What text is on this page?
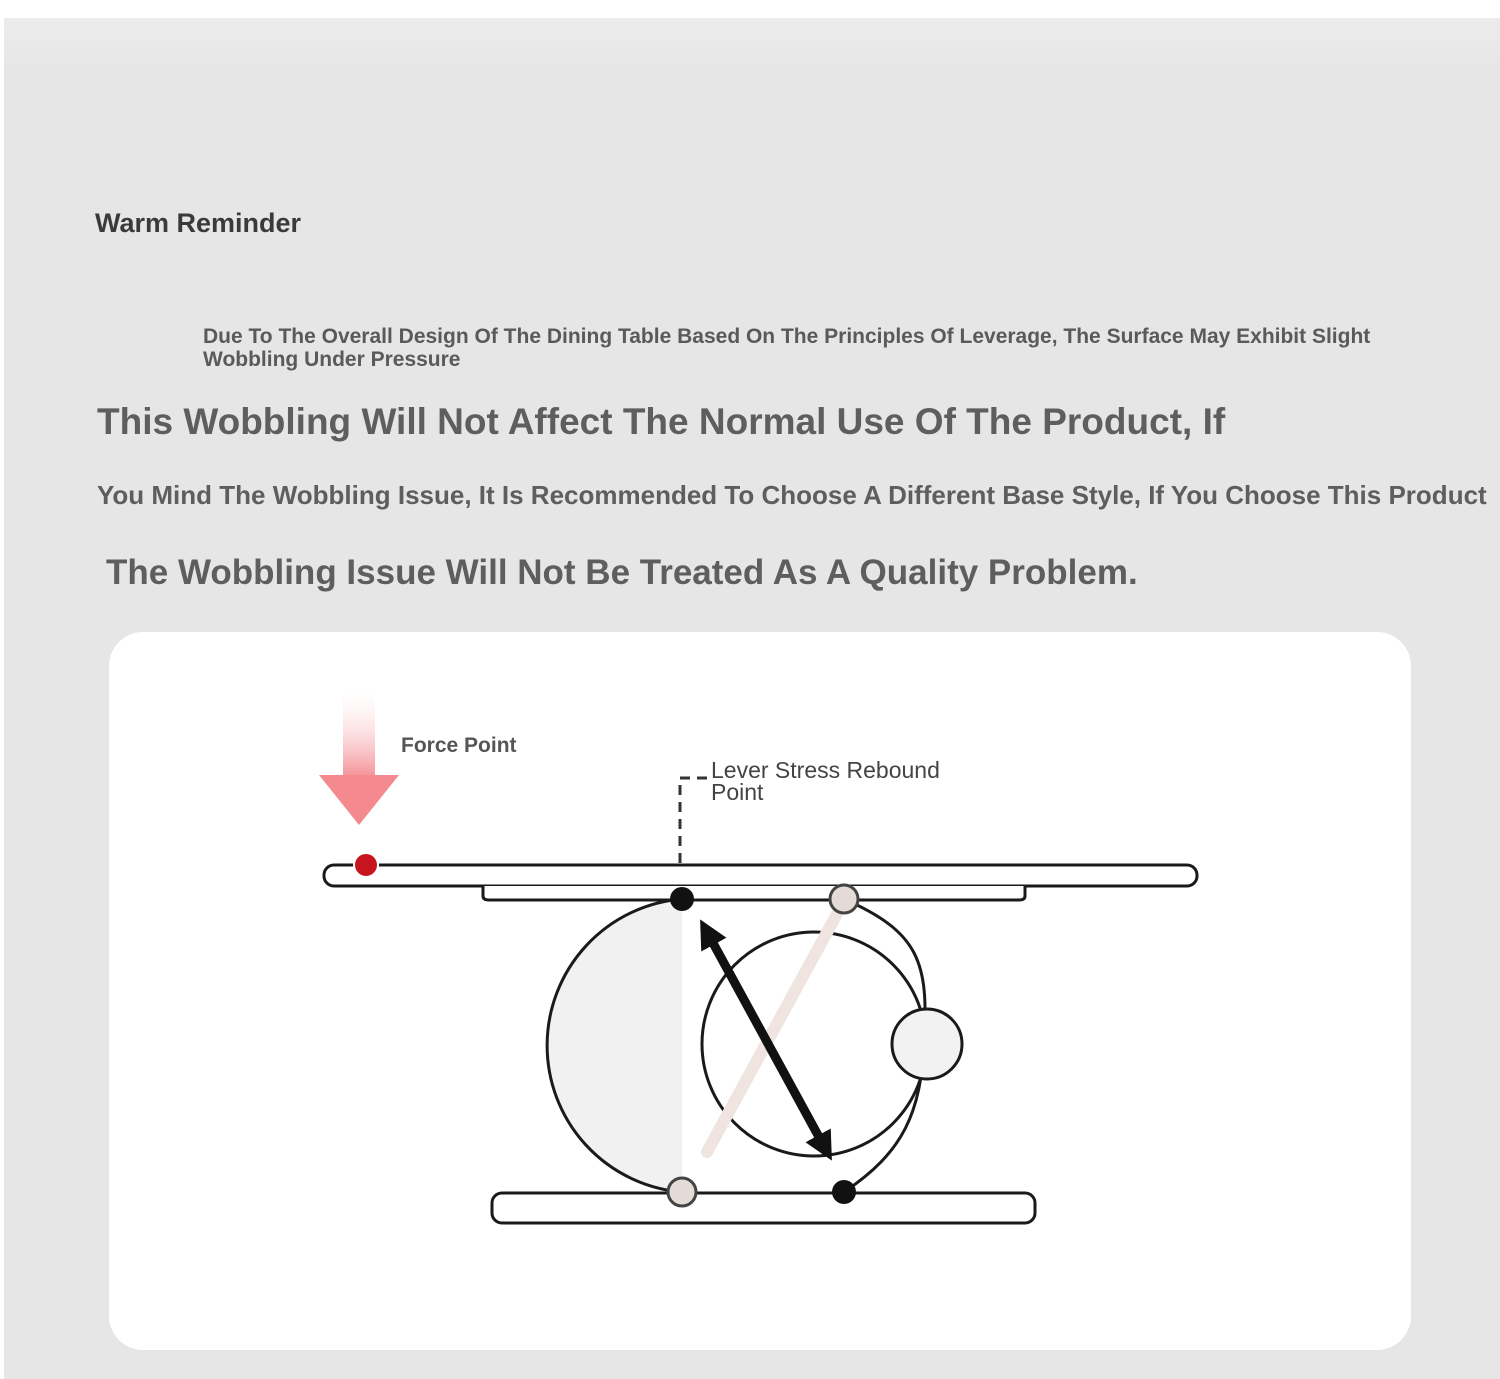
Warm Reminder
Due To The Overall Design Of The Dining Table Based On The Principles Of Leverage, The Surface May Exhibit Slight Wobbling Under Pressure
This Wobbling Will Not Affect The Normal Use Of The Product, If
You Mind The Wobbling Issue, It Is Recommended To Choose A Different Base Style, If You Choose This Product
The Wobbling Issue Will Not Be Treated As A Quality Problem.
Force Point
Lever Stress Rebound
Point
